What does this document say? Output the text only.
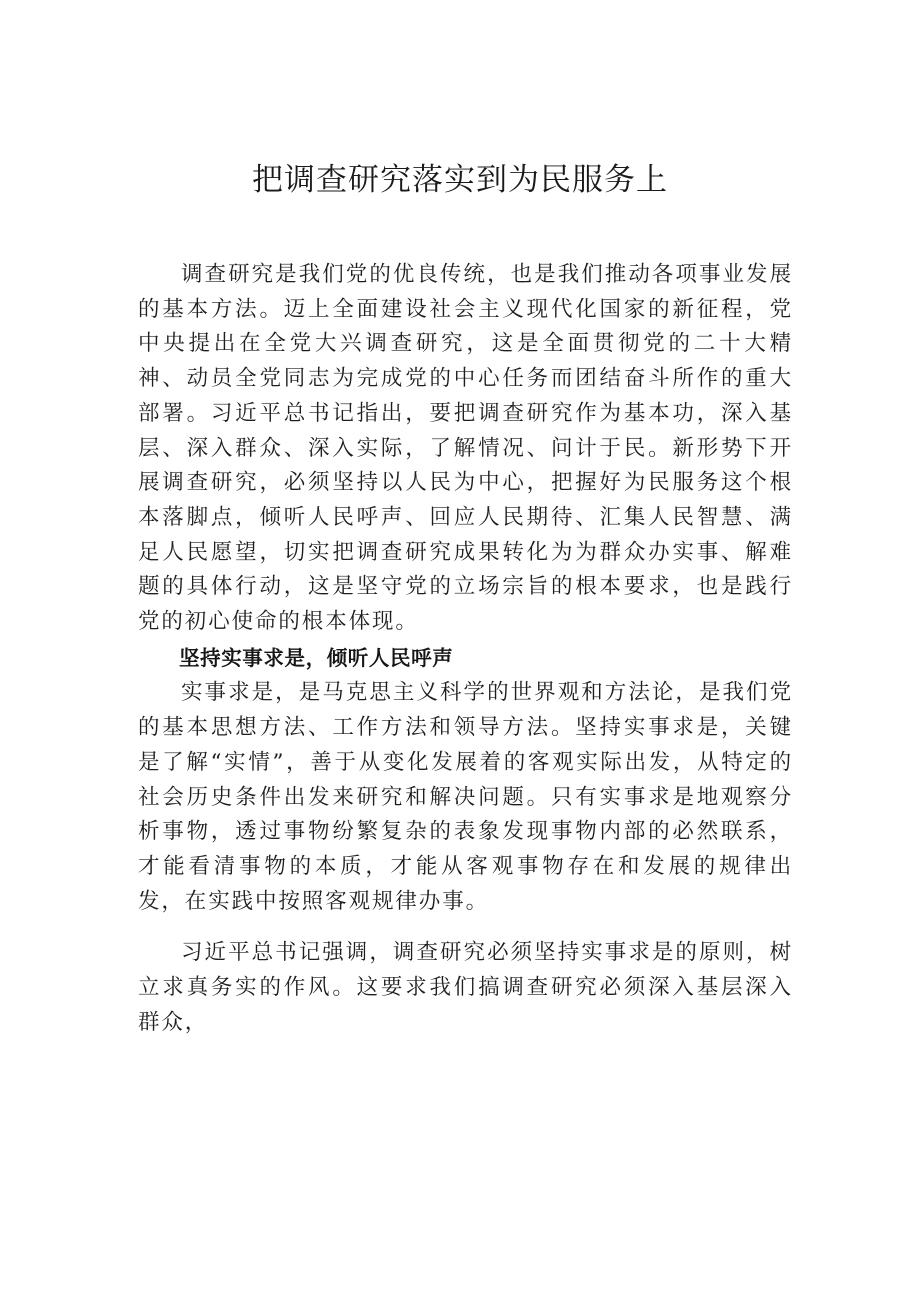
把调查研究落实到为民服务上

调查研究是我们党的优良传统，也是我们推动各项事业发展的基本方法。迈上全面建设社会主义现代化国家的新征程，党中央提出在全党大兴调查研究，这是全面贯彻党的二十大精神、动员全党同志为完成党的中心任务而团结奋斗所作的重大部署。习近平总书记指出，要把调查研究作为基本功，深入基层、深入群众、深入实际，了解情况、问计于民。新形势下开展调查研究，必须坚持以人民为中心，把握好为民服务这个根本落脚点，倾听人民呼声、回应人民期待、汇集人民智慧、满足人民愿望，切实把调查研究成果转化为为群众办实事、解难题的具体行动，这是坚守党的立场宗旨的根本要求，也是践行党的初心使命的根本体现。

坚持实事求是，倾听人民呼声

实事求是，是马克思主义科学的世界观和方法论，是我们党的基本思想方法、工作方法和领导方法。坚持实事求是，关键是了解“实情”，善于从变化发展着的客观实际出发，从特定的社会历史条件出发来研究和解决问题。只有实事求是地观察分析事物，透过事物纷繁复杂的表象发现事物内部的必然联系，才能看清事物的本质，才能从客观事物存在和发展的规律出发，在实践中按照客观规律办事。

习近平总书记强调，调查研究必须坚持实事求是的原则，树立求真务实的作风。这要求我们搞调查研究必须深入基层深入群众，
